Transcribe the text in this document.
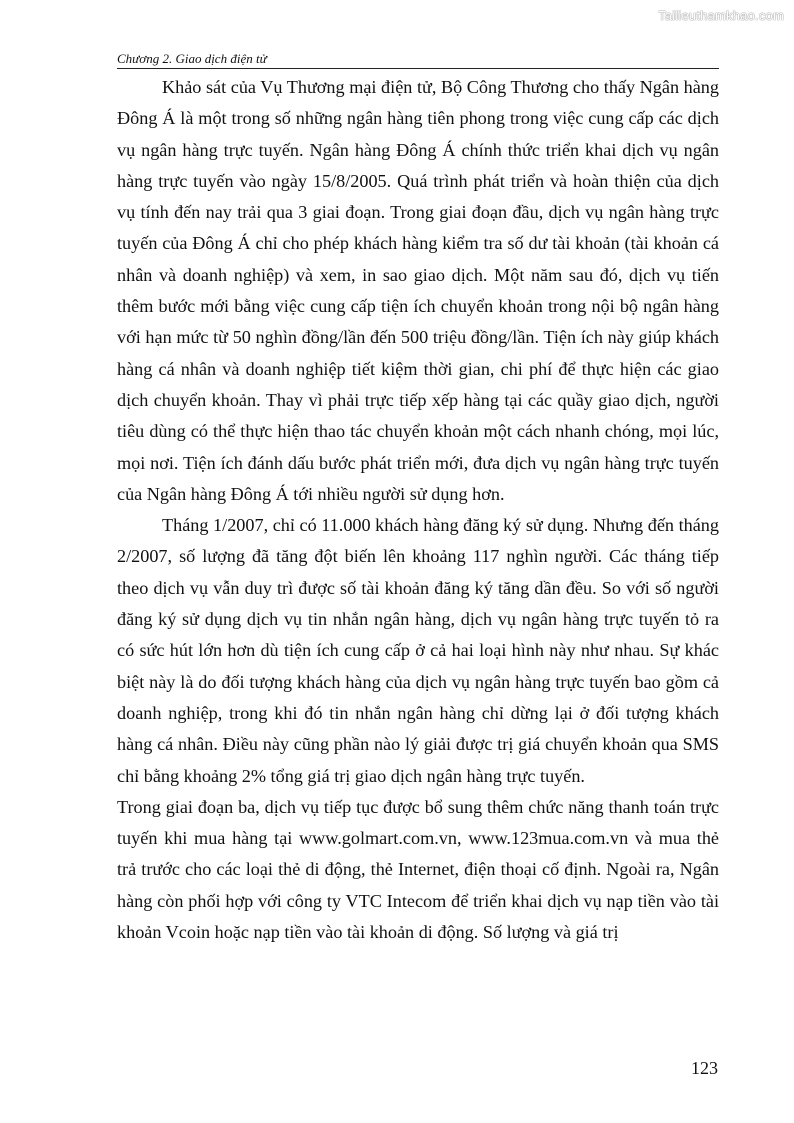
Tailieuthamkhao.com
Chương 2. Giao dịch điện tử

Khảo sát của Vụ Thương mại điện tử, Bộ Công Thương cho thấy Ngân hàng Đông Á là một trong số những ngân hàng tiên phong trong việc cung cấp các dịch vụ ngân hàng trực tuyến. Ngân hàng Đông Á chính thức triển khai dịch vụ ngân hàng trực tuyến vào ngày 15/8/2005. Quá trình phát triển và hoàn thiện của dịch vụ tính đến nay trải qua 3 giai đoạn. Trong giai đoạn đầu, dịch vụ ngân hàng trực tuyến của Đông Á chỉ cho phép khách hàng kiểm tra số dư tài khoản (tài khoản cá nhân và doanh nghiệp) và xem, in sao giao dịch. Một năm sau đó, dịch vụ tiến thêm bước mới bằng việc cung cấp tiện ích chuyển khoản trong nội bộ ngân hàng với hạn mức từ 50 nghìn đồng/lần đến 500 triệu đồng/lần. Tiện ích này giúp khách hàng cá nhân và doanh nghiệp tiết kiệm thời gian, chi phí để thực hiện các giao dịch chuyển khoản. Thay vì phải trực tiếp xếp hàng tại các quầy giao dịch, người tiêu dùng có thể thực hiện thao tác chuyển khoản một cách nhanh chóng, mọi lúc, mọi nơi. Tiện ích đánh dấu bước phát triển mới, đưa dịch vụ ngân hàng trực tuyến của Ngân hàng Đông Á tới nhiều người sử dụng hơn.

Tháng 1/2007, chỉ có 11.000 khách hàng đăng ký sử dụng. Nhưng đến tháng 2/2007, số lượng đã tăng đột biến lên khoảng 117 nghìn người. Các tháng tiếp theo dịch vụ vẫn duy trì được số tài khoản đăng ký tăng dần đều. So với số người đăng ký sử dụng dịch vụ tin nhắn ngân hàng, dịch vụ ngân hàng trực tuyến tỏ ra có sức hút lớn hơn dù tiện ích cung cấp ở cả hai loại hình này như nhau. Sự khác biệt này là do đối tượng khách hàng của dịch vụ ngân hàng trực tuyến bao gồm cả doanh nghiệp, trong khi đó tin nhắn ngân hàng chỉ dừng lại ở đối tượng khách hàng cá nhân. Điều này cũng phần nào lý giải được trị giá chuyển khoản qua SMS chỉ bằng khoảng 2% tổng giá trị giao dịch ngân hàng trực tuyến.

Trong giai đoạn ba, dịch vụ tiếp tục được bổ sung thêm chức năng thanh toán trực tuyến khi mua hàng tại www.golmart.com.vn, www.123mua.com.vn và mua thẻ trả trước cho các loại thẻ di động, thẻ Internet, điện thoại cố định. Ngoài ra, Ngân hàng còn phối hợp với công ty VTC Intecom để triển khai dịch vụ nạp tiền vào tài khoản Vcoin hoặc nạp tiền vào tài khoản di động. Số lượng và giá trị

123
